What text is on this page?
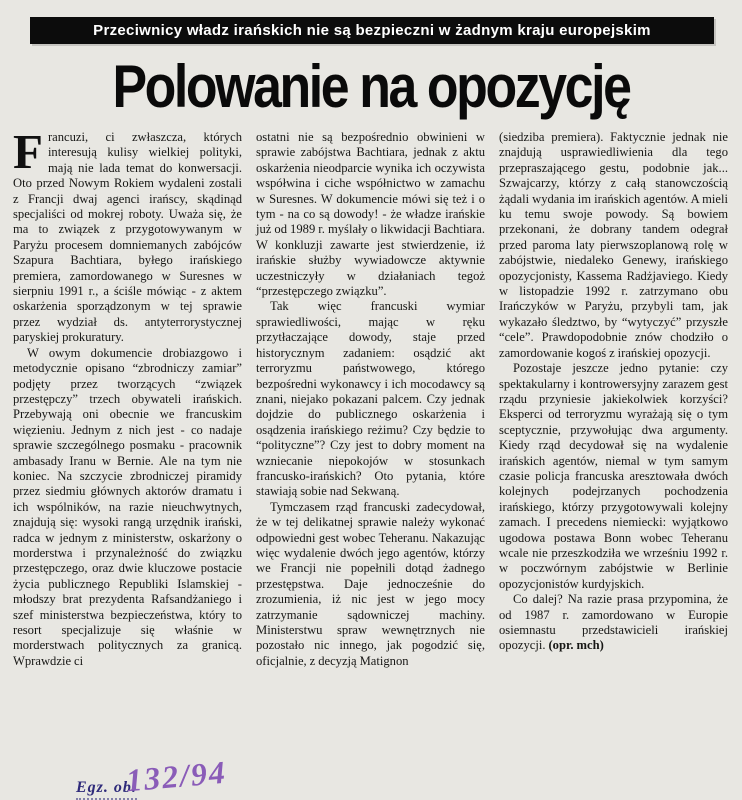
Przeciwnicy władz irańskich nie są bezpieczni w żadnym kraju europejskim
Polowanie na opozycję

Francuzi, ci zwłaszcza, których interesują kulisy wielkiej polityki, mają nie lada temat do konwersacji. Oto przed Nowym Rokiem wydaleni zostali z Francji dwaj agenci irańscy, skądinąd specjaliści od mokrej roboty. Uważa się, że ma to związek z przygotowywanym w Paryżu procesem domniemanych zabójców Szapura Bachtiara, byłego irańskiego premiera, zamordowanego w Suresnes w sierpniu 1991 r., a ściśle mówiąc - z aktem oskarżenia sporządzonym w tej sprawie przez wydział ds. antyterrorystycznej paryskiej prokuratury.

W owym dokumencie drobiazgowo i metodycznie opisano “zbrodniczy zamiar” podjęty przez tworzących “związek przestępczy” trzech obywateli irańskich. Przebywają oni obecnie we francuskim więzieniu. Jednym z nich jest - co nadaje sprawie szczególnego posmaku - pracownik ambasady Iranu w Bernie. Ale na tym nie koniec. Na szczycie zbrodniczej piramidy przez siedmiu głównych aktorów dramatu i ich wspólników, na razie nieuchwytnych, znajdują się: wysoki rangą urzędnik irański, radca w jednym z ministerstw, oskarżony o morderstwa i przynależność do związku przestępczego, oraz dwie kluczowe postacie życia publicznego Republiki Islamskiej - młodszy brat prezydenta Rafsandżaniego i szef ministerstwa bezpieczeństwa, który to resort specjalizuje się właśnie w morderstwach politycznych za granicą. Wprawdzie ci

ostatni nie są bezpośrednio obwinieni w sprawie zabójstwa Bachtiara, jednak z aktu oskarżenia nieodparcie wynika ich oczywista współwina i ciche współnictwo w zamachu w Suresnes. W dokumencie mówi się też i o tym - na co są dowody! - że władze irańskie już od 1989 r. myślały o likwidacji Bachtiara. W konkluzji zawarte jest stwierdzenie, iż irańskie służby wywiadowcze aktywnie uczestniczyły w działaniach tegoż “przestępczego związku”.

Tak więc francuski wymiar sprawiedliwości, mając w ręku przytłaczające dowody, staje przed historycznym zadaniem: osądzić akt terroryzmu państwowego, którego bezpośredni wykonawcy i ich mocodawcy są znani, niejako pokazani palcem. Czy jednak dojdzie do publicznego oskarżenia i osądzenia irańskiego reżimu? Czy będzie to “polityczne”? Czy jest to dobry moment na wzniecanie niepokojów w stosunkach francusko-irańskich? Oto pytania, które stawiają sobie nad Sekwaną.

Tymczasem rząd francuski zadecydował, że w tej delikatnej sprawie należy wykonać odpowiedni gest wobec Teheranu. Nakazując więc wydalenie dwóch jego agentów, którzy we Francji nie popełnili dotąd żadnego przestępstwa. Daje jednocześnie do zrozumienia, iż nic jest w jego mocy zatrzymanie sądowniczej machiny. Ministerstwu spraw wewnętrznych nie pozostało nic innego, jak pogodzić się, oficjalnie, z decyzją Matignon

(siedziba premiera). Faktycznie jednak nie znajdują usprawiedliwienia dla tego przepraszającego gestu, podobnie jak... Szwajcarzy, którzy z całą stanowczością żądali wydania im irańskich agentów. A mieli ku temu swoje powody. Są bowiem przekonani, że dobrany tandem odegrał przed paroma laty pierwszoplanową rolę w zabójstwie, niedaleko Genewy, irańskiego opozycjonisty, Kassema Radżjaviego. Kiedy w listopadzie 1992 r. zatrzymano obu Irańczyków w Paryżu, przybyli tam, jak wykazało śledztwo, by “wytyczyć” przyszłe “cele”. Prawdopodobnie znów chodziło o zamordowanie kogoś z irańskiej opozycji.

Pozostaje jeszcze jedno pytanie: czy spektakularny i kontrowersyjny zarazem gest rządu przyniesie jakiekolwiek korzyści? Eksperci od terroryzmu wyrażają się o tym sceptycznie, przywołując dwa argumenty. Kiedy rząd decydował się na wydalenie irańskich agentów, niemal w tym samym czasie policja francuska aresztowała dwóch kolejnych podejrzanych pochodzenia irańskiego, którzy przygotowywali kolejny zamach. I precedens niemiecki: wyjątkowo ugodowa postawa Bonn wobec Teheranu wcale nie przeszkodziła we wrześniu 1992 r. w poczwórnym zabójstwie w Berlinie opozycjonistów kurdyjskich.

Co dalej? Na razie prasa przypomina, że od 1987 r. zamordowano w Europie osiemnastu przedstawicieli irańskiej opozycji. (opr. mch)

Egz. ob.
132/94
